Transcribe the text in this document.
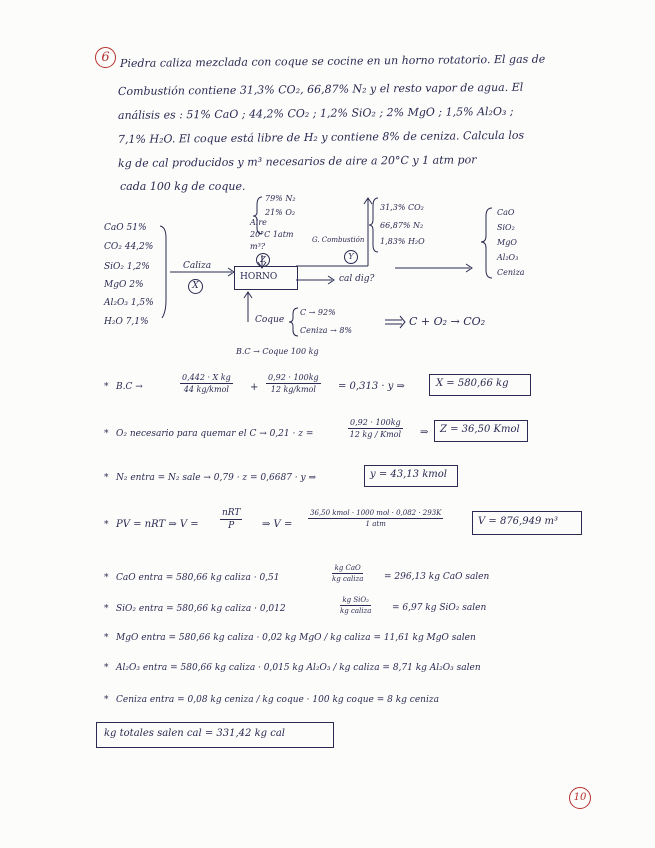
6 Piedra caliza mezclada con coque se cocine en un horno rotatorio. El gas de
Combustión contiene 31,3% CO₂, 66,87% N₂ y el resto vapor de agua. El
análisis es : 51% CaO ; 44,2% CO₂ ; 1,2% SiO₂ ; 2% MgO ; 1,5% Al₂O₃ ;
7,1% H₂O. El coque está libre de H₂ y contiene 8% de ceniza. Calcula los
kg de cal producidos y m³ necesarios de aire a 20°C y 1 atm por
cada 100 kg de coque.
CaO 51%
CO₂ 44,2%
SiO₂ 1,2%
MgO 2%
Al₂O₃ 1,5%
H₂O 7,1%
Caliza
X
79% N₂
21% O₂
Aire
20°C 1atm
m³?
Z
HORNO
G. Combustión
Y
31,3% CO₂
66,87% N₂
1,83% H₂O
cal dig?
CaO
SiO₂
MgO
Al₂O₃
Ceniza
Coque
C → 92%
Ceniza → 8%
C + O₂ → CO₂
B.C → Coque 100 kg
* B.C →
0,442 · X kg
44 kg/kmol	+
0,92 · 100kg
12 kg/kmol	= 0,313 · y ⇒	X = 580,66 kg
* O₂ necesario para quemar el C → 0,21 · z =
0,92 · 100kg
12 kg / Kmol ⇒ Z = 36,50 Kmol
* N₂ entra = N₂ sale → 0,79 · z = 0,6687 · y ⇒	y = 43,13 kmol
* PV = nRT ⇒ V =
nRT
P	⇒ V =
36,50 kmol · 1000 mol · 0,082 · 293K
1 atm	V = 876,949 m³
* CaO entra = 580,66 kg caliza · 0,51
kg CaO
kg caliza = 296,13 kg CaO salen
* SiO₂ entra = 580,66 kg caliza · 0,012
kg SiO₂
kg caliza = 6,97 kg SiO₂ salen
* MgO entra = 580,66 kg caliza · 0,02 kg MgO / kg caliza = 11,61 kg MgO salen
* Al₂O₃ entra = 580,66 kg caliza · 0,015 kg Al₂O₃ / kg caliza = 8,71 kg Al₂O₃ salen
* Ceniza entra = 0,08 kg ceniza / kg coque · 100 kg coque = 8 kg ceniza
kg totales salen cal = 331,42 kg cal
10
